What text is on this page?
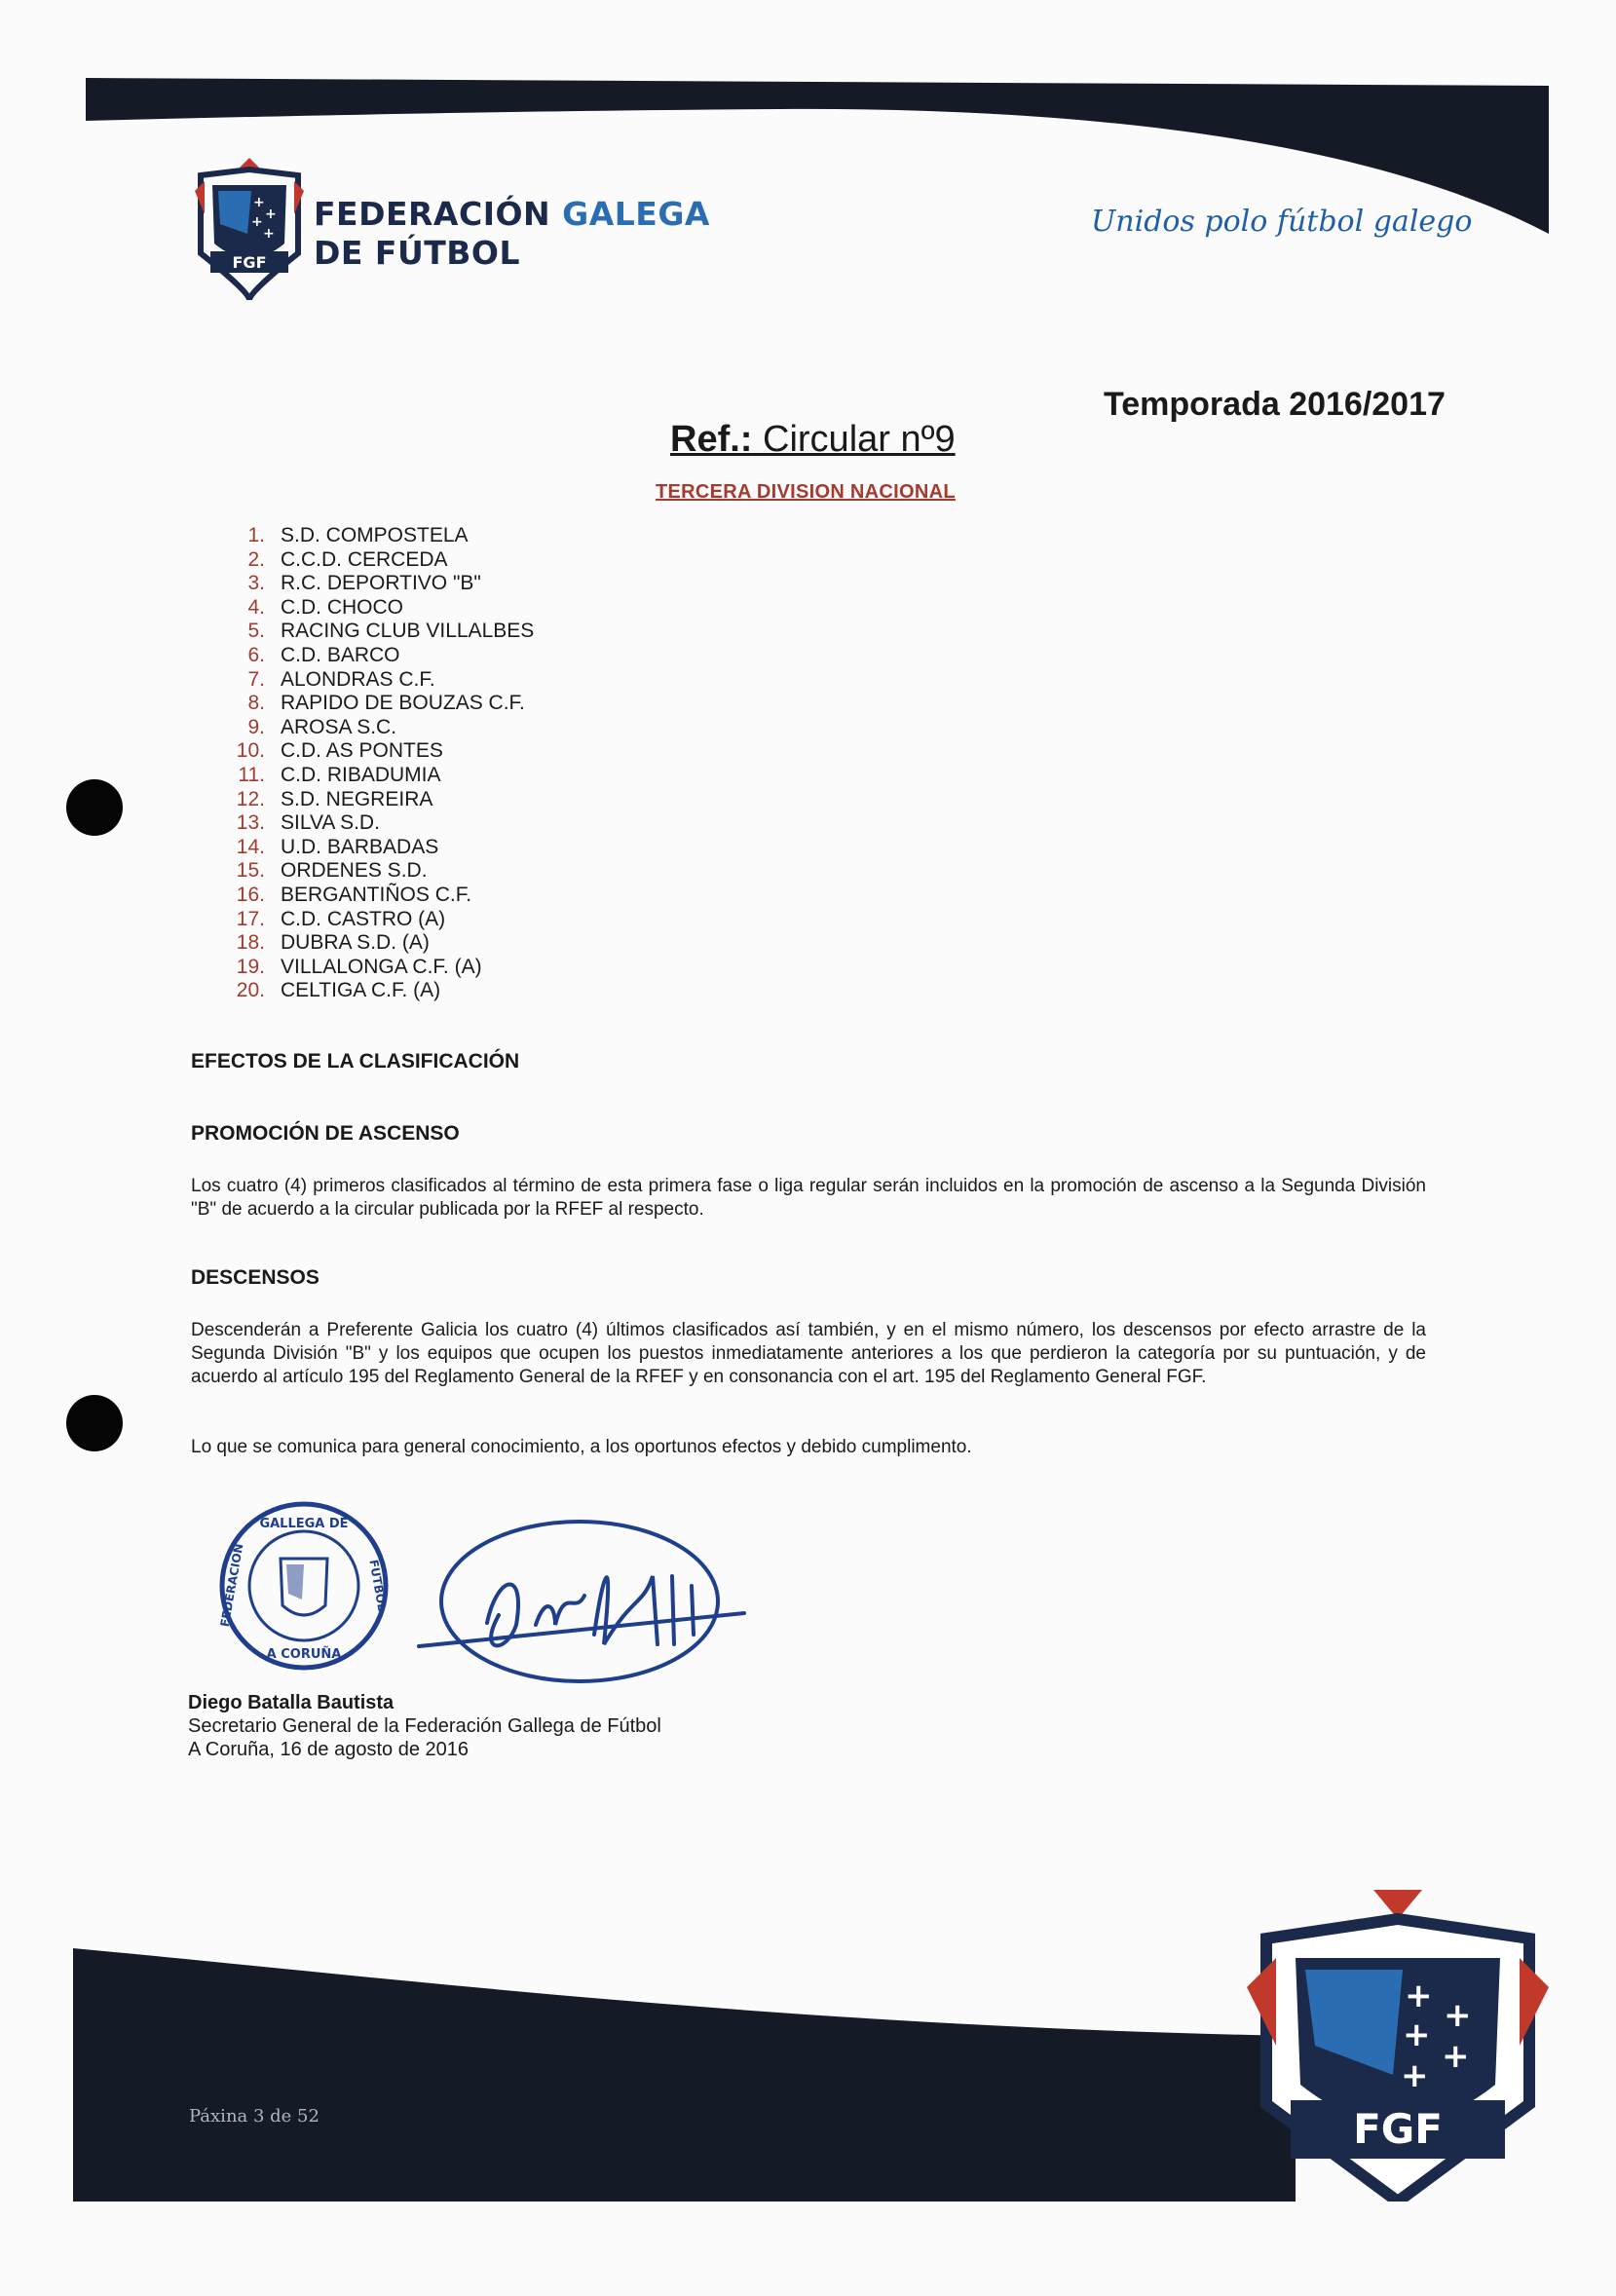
+
+
+
+
FGF
FEDERACIÓN GALEGA
DE FÚTBOL
Unidos polo fútbol galego
Temporada 2016/2017
Ref.: Circular nº9
TERCERA DIVISION NACIONAL
1. S.D. COMPOSTELA
2. C.C.D. CERCEDA
3. R.C. DEPORTIVO "B"
4. C.D. CHOCO
5. RACING CLUB VILLALBES
6. C.D. BARCO
7. ALONDRAS C.F.
8. RAPIDO DE BOUZAS C.F.
9. AROSA S.C.
10. C.D. AS PONTES
11. C.D. RIBADUMIA
12. S.D. NEGREIRA
13. SILVA S.D.
14. U.D. BARBADAS
15. ORDENES S.D.
16. BERGANTIÑOS C.F.
17. C.D. CASTRO (A)
18. DUBRA S.D. (A)
19. VILLALONGA C.F. (A)
20. CELTIGA C.F. (A)
EFECTOS DE LA CLASIFICACIÓN
PROMOCIÓN DE ASCENSO
Los cuatro (4) primeros clasificados al término de esta primera fase o liga regular serán incluidos en la promoción de ascenso a la Segunda División "B" de acuerdo a la circular publicada por la RFEF al respecto.
DESCENSOS
Descenderán a Preferente Galicia los cuatro (4) últimos clasificados así también, y en el mismo número, los descensos por efecto arrastre de la Segunda División "B" y los equipos que ocupen los puestos inmediatamente anteriores a los que perdieron la categoría por su puntuación, y de acuerdo al artículo 195 del Reglamento General de la RFEF y en consonancia con el art. 195 del Reglamento General FGF.
Lo que se comunica para general conocimiento, a los oportunos efectos y debido cumplimento.
GALLEGA DE
A CORUÑA
FEDERACION	FUTBOL
Diego Batalla Bautista
Secretario General de la Federación Gallega de Fútbol
A Coruña, 16 de agosto de 2016
Páxina 3 de 52
+ +
+
+
+
FGF
